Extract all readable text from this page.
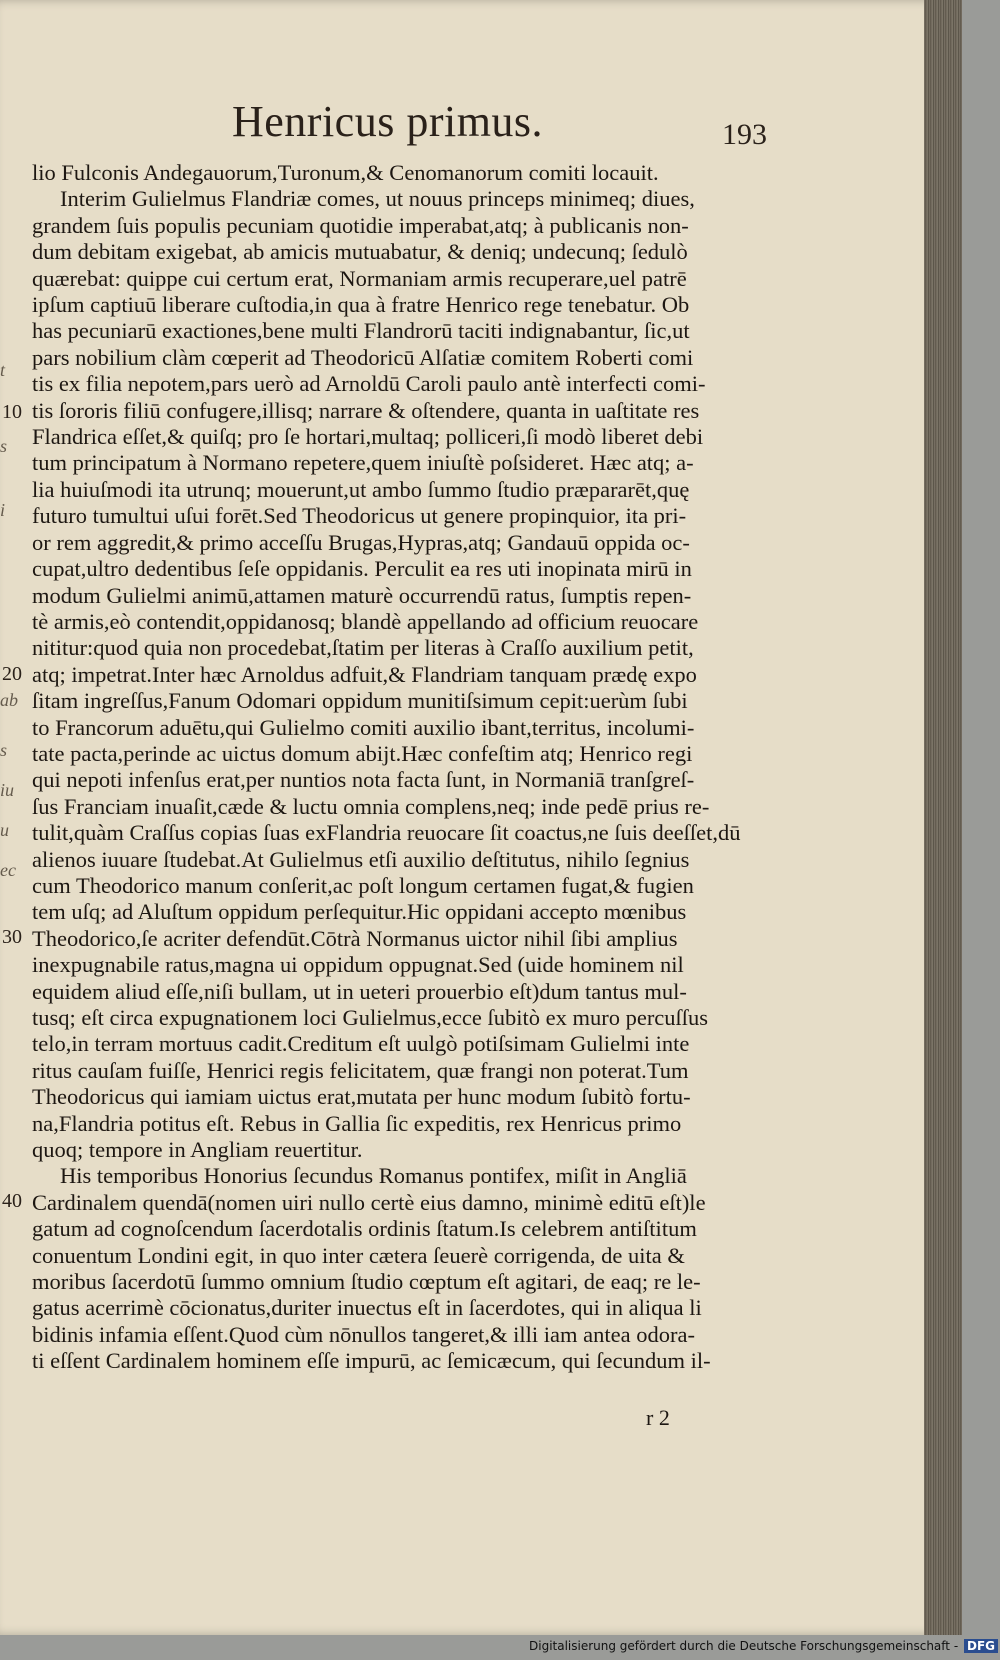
t
s
i
ab
s
iu
u
ec
Henricus primus.	193
10
20
30
40
lio Fulconis Andegauorum,Turonum,& Cenomanorum comiti locauit.
Interim Gulielmus Flandriæ comes, ut nouus princeps minimeq; diues,
grandem ſuis populis pecuniam quotidie imperabat,atq; à publicanis non-
dum debitam exigebat, ab amicis mutuabatur, & deniq; undecunq; ſedulò
quærebat: quippe cui certum erat, Normaniam armis recuperare,uel patrē
ipſum captiuū liberare cuſtodia,in qua à fratre Henrico rege tenebatur. Ob
has pecuniarū exactiones,bene multi Flandrorū taciti indignabantur, ſic,ut
pars nobilium clàm cœperit ad Theodoricū Alſatiæ comitem Roberti comi
tis ex filia nepotem,pars uerò ad Arnoldū Caroli paulo antè interfecti comi-
tis ſororis filiū confugere,illisq; narrare & oſtendere, quanta in uaſtitate res
Flandrica eſſet,& quiſq; pro ſe hortari,multaq; polliceri,ſi modò liberet debi
tum principatum à Normano repetere,quem iniuſtè poſsideret. Hæc atq; a-
lia huiuſmodi ita utrunq; mouerunt,ut ambo ſummo ſtudio præpararēt,quę
futuro tumultui uſui forēt.Sed Theodoricus ut genere propinquior, ita pri-
or rem aggredit,& primo acceſſu Brugas,Hypras,atq; Gandauū oppida oc-
cupat,ultro dedentibus ſeſe oppidanis. Perculit ea res uti inopinata mirū in
modum Gulielmi animū,attamen maturè occurrendū ratus, ſumptis repen-
tè armis,eò contendit,oppidanosq; blandè appellando ad officium reuocare
nititur:quod quia non procedebat,ſtatim per literas à Craſſo auxilium petit,
atq; impetrat.Inter hæc Arnoldus adfuit,& Flandriam tanquam prædę expo
ſitam ingreſſus,Fanum Odomari oppidum munitiſsimum cepit:uerùm ſubi
to Francorum aduētu,qui Gulielmo comiti auxilio ibant,territus, incolumi-
tate pacta,perinde ac uictus domum abijt.Hæc confeſtim atq; Henrico regi
qui nepoti infenſus erat,per nuntios nota facta ſunt, in Normaniā tranſgreſ-
ſus Franciam inuaſit,cæde & luctu omnia complens,neq; inde pedē prius re-
tulit,quàm Craſſus copias ſuas exFlandria reuocare ſit coactus,ne ſuis deeſſet,dū
alienos iuuare ſtudebat.At Gulielmus etſi auxilio deſtitutus, nihilo ſegnius
cum Theodorico manum conſerit,ac poſt longum certamen fugat,& fugien
tem uſq; ad Aluſtum oppidum perſequitur.Hic oppidani accepto mœnibus
Theodorico,ſe acriter defendūt.Cōtrà Normanus uictor nihil ſibi amplius
inexpugnabile ratus,magna ui oppidum oppugnat.Sed (uide hominem nil
equidem aliud eſſe,niſi bullam, ut in ueteri prouerbio eſt)dum tantus mul-
tusq; eſt circa expugnationem loci Gulielmus,ecce ſubitò ex muro percuſſus
telo,in terram mortuus cadit.Creditum eſt uulgò potiſsimam Gulielmi inte
ritus cauſam fuiſſe, Henrici regis felicitatem, quæ frangi non poterat.Tum
Theodoricus qui iamiam uictus erat,mutata per hunc modum ſubitò fortu-
na,Flandria potitus eſt. Rebus in Gallia ſic expeditis, rex Henricus primo
quoq; tempore in Angliam reuertitur.
His temporibus Honorius ſecundus Romanus pontifex, miſit in Angliā
Cardinalem quendā(nomen uiri nullo certè eius damno, minimè editū eſt)le
gatum ad cognoſcendum ſacerdotalis ordinis ſtatum.Is celebrem antiſtitum
conuentum Londini egit, in quo inter cætera ſeuerè corrigenda, de uita &
moribus ſacerdotū ſummo omnium ſtudio cœptum eſt agitari, de eaq; re le-
gatus acerrimè cōcionatus,duriter inuectus eſt in ſacerdotes, qui in aliqua li
bidinis infamia eſſent.Quod cùm nōnullos tangeret,& illi iam antea odora-
ti eſſent Cardinalem hominem eſſe impurū, ac ſemicæcum, qui ſecundum il-
r 2
Digitalisierung gefördert durch die Deutsche Forschungsgemeinschaft - DFG
